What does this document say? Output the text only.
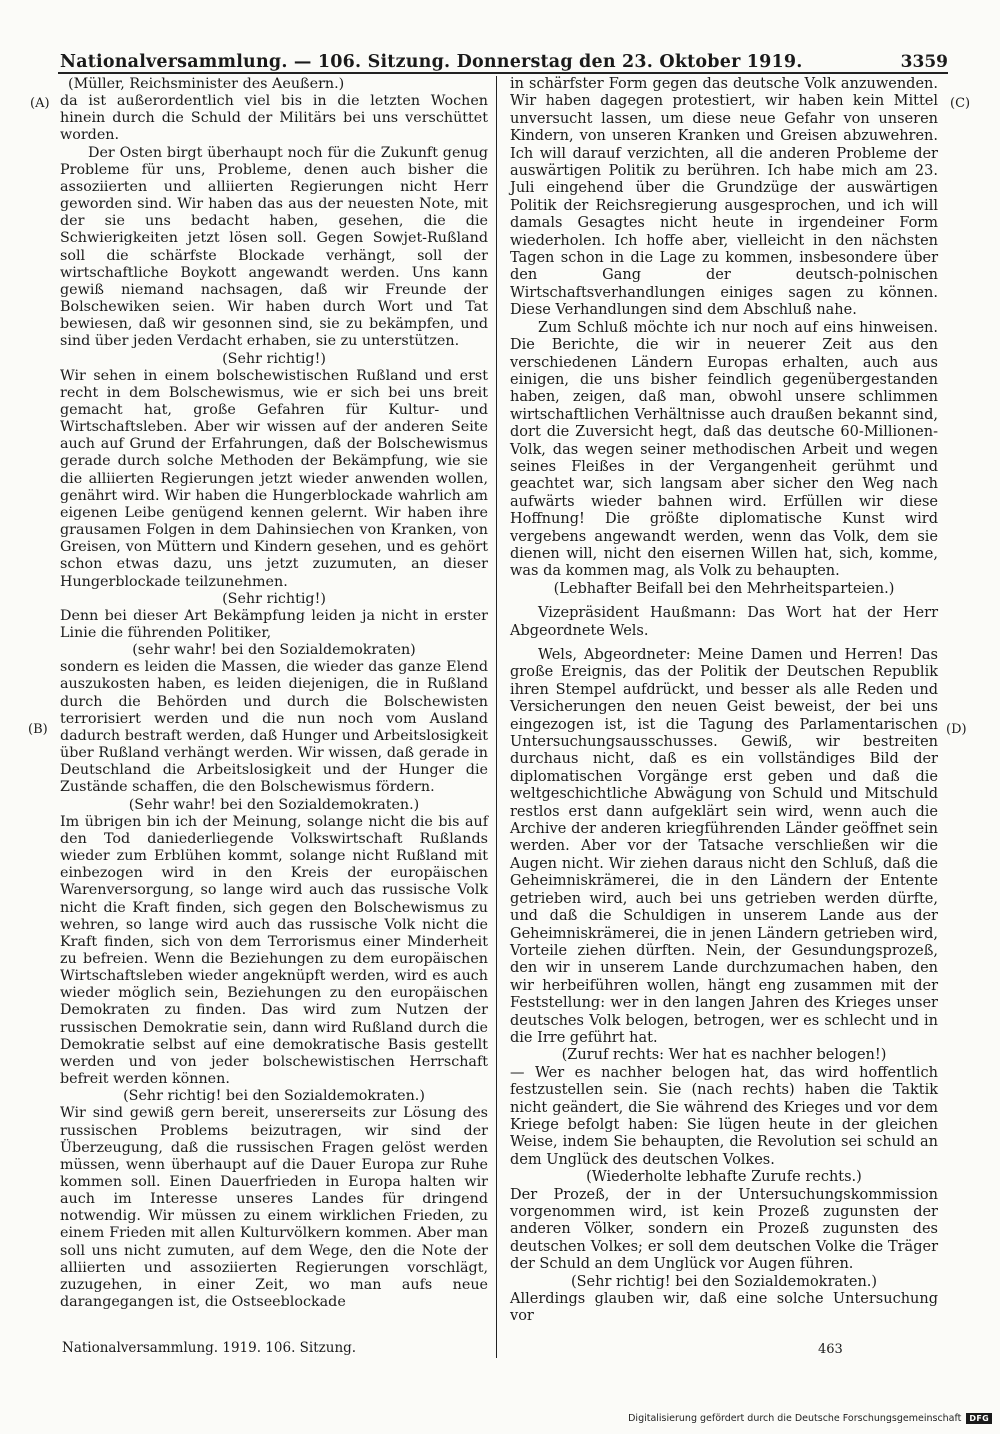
Nationalversammlung. — 106. Sitzung. Donnerstag den 23. Oktober 1919.	3359
(A)
(B)
(C)
(D)

(Müller, Reichsminister des Aeußern.)

da ist außerordentlich viel bis in die letzten Wochen hinein durch die Schuld der Militärs bei uns verschüttet worden.

Der Osten birgt überhaupt noch für die Zukunft genug Probleme für uns, Probleme, denen auch bisher die assoziierten und alliierten Regierungen nicht Herr geworden sind. Wir haben das aus der neuesten Note, mit der sie uns bedacht haben, gesehen, die die Schwierigkeiten jetzt lösen soll. Gegen Sowjet-Rußland soll die schärfste Blockade verhängt, soll der wirtschaftliche Boykott angewandt werden. Uns kann gewiß niemand nachsagen, daß wir Freunde der Bolschewiken seien. Wir haben durch Wort und Tat bewiesen, daß wir gesonnen sind, sie zu bekämpfen, und sind über jeden Verdacht erhaben, sie zu unterstützen.

(Sehr richtig!)

Wir sehen in einem bolschewistischen Rußland und erst recht in dem Bolschewismus, wie er sich bei uns breit gemacht hat, große Gefahren für Kultur- und Wirtschaftsleben. Aber wir wissen auf der anderen Seite auch auf Grund der Erfahrungen, daß der Bolschewismus gerade durch solche Methoden der Bekämpfung, wie sie die alliierten Regierungen jetzt wieder anwenden wollen, genährt wird. Wir haben die Hungerblockade wahrlich am eigenen Leibe genügend kennen gelernt. Wir haben ihre grausamen Folgen in dem Dahinsiechen von Kranken, von Greisen, von Müttern und Kindern gesehen, und es gehört schon etwas dazu, uns jetzt zuzumuten, an dieser Hungerblockade teilzunehmen.

(Sehr richtig!)

Denn bei dieser Art Bekämpfung leiden ja nicht in erster Linie die führenden Politiker,

(sehr wahr! bei den Sozialdemokraten)

sondern es leiden die Massen, die wieder das ganze Elend auszukosten haben, es leiden diejenigen, die in Rußland durch die Behörden und durch die Bolschewisten terrorisiert werden und die nun noch vom Ausland dadurch bestraft werden, daß Hunger und Arbeitslosigkeit über Rußland verhängt werden. Wir wissen, daß gerade in Deutschland die Arbeitslosigkeit und der Hunger die Zustände schaffen, die den Bolschewismus fördern.

(Sehr wahr! bei den Sozialdemokraten.)

Im übrigen bin ich der Meinung, solange nicht die bis auf den Tod daniederliegende Volkswirtschaft Rußlands wieder zum Erblühen kommt, solange nicht Rußland mit einbezogen wird in den Kreis der europäischen Warenversorgung, so lange wird auch das russische Volk nicht die Kraft finden, sich gegen den Bolschewismus zu wehren, so lange wird auch das russische Volk nicht die Kraft finden, sich von dem Terrorismus einer Minderheit zu befreien. Wenn die Beziehungen zu dem europäischen Wirtschaftsleben wieder angeknüpft werden, wird es auch wieder möglich sein, Beziehungen zu den europäischen Demokraten zu finden. Das wird zum Nutzen der russischen Demokratie sein, dann wird Rußland durch die Demokratie selbst auf eine demokratische Basis gestellt werden und von jeder bolschewistischen Herrschaft befreit werden können.

(Sehr richtig! bei den Sozialdemokraten.)

Wir sind gewiß gern bereit, unsererseits zur Lösung des russischen Problems beizutragen, wir sind der Überzeugung, daß die russischen Fragen gelöst werden müssen, wenn überhaupt auf die Dauer Europa zur Ruhe kommen soll. Einen Dauerfrieden in Europa halten wir auch im Interesse unseres Landes für dringend notwendig. Wir müssen zu einem wirklichen Frieden, zu einem Frieden mit allen Kulturvölkern kommen. Aber man soll uns nicht zumuten, auf dem Wege, den die Note der alliierten und assoziierten Regierungen vorschlägt, zuzugehen, in einer Zeit, wo man aufs neue darangegangen ist, die Ostseeblockade

in schärfster Form gegen das deutsche Volk anzuwenden. Wir haben dagegen protestiert, wir haben kein Mittel unversucht lassen, um diese neue Gefahr von unseren Kindern, von unseren Kranken und Greisen abzuwehren. Ich will darauf verzichten, all die anderen Probleme der auswärtigen Politik zu berühren. Ich habe mich am 23. Juli eingehend über die Grundzüge der auswärtigen Politik der Reichsregierung ausgesprochen, und ich will damals Gesagtes nicht heute in irgendeiner Form wiederholen. Ich hoffe aber, vielleicht in den nächsten Tagen schon in die Lage zu kommen, insbesondere über den Gang der deutsch-polnischen Wirtschaftsverhandlungen einiges sagen zu können. Diese Verhandlungen sind dem Abschluß nahe.

Zum Schluß möchte ich nur noch auf eins hinweisen. Die Berichte, die wir in neuerer Zeit aus den verschiedenen Ländern Europas erhalten, auch aus einigen, die uns bisher feindlich gegenübergestanden haben, zeigen, daß man, obwohl unsere schlimmen wirtschaftlichen Verhältnisse auch draußen bekannt sind, dort die Zuversicht hegt, daß das deutsche 60-Millionen-Volk, das wegen seiner methodischen Arbeit und wegen seines Fleißes in der Vergangenheit gerühmt und geachtet war, sich langsam aber sicher den Weg nach aufwärts wieder bahnen wird. Erfüllen wir diese Hoffnung! Die größte diplomatische Kunst wird vergebens angewandt werden, wenn das Volk, dem sie dienen will, nicht den eisernen Willen hat, sich, komme, was da kommen mag, als Volk zu behaupten.

(Lebhafter Beifall bei den Mehrheitsparteien.)

Vizepräsident Haußmann: Das Wort hat der Herr Abgeordnete Wels.

Wels, Abgeordneter: Meine Damen und Herren! Das große Ereignis, das der Politik der Deutschen Republik ihren Stempel aufdrückt, und besser als alle Reden und Versicherungen den neuen Geist beweist, der bei uns eingezogen ist, ist die Tagung des Parlamentarischen Untersuchungsausschusses. Gewiß, wir bestreiten durchaus nicht, daß es ein vollständiges Bild der diplomatischen Vorgänge erst geben und daß die weltgeschichtliche Abwägung von Schuld und Mitschuld restlos erst dann aufgeklärt sein wird, wenn auch die Archive der anderen kriegführenden Länder geöffnet sein werden. Aber vor der Tatsache verschließen wir die Augen nicht. Wir ziehen daraus nicht den Schluß, daß die Geheimniskrämerei, die in den Ländern der Entente getrieben wird, auch bei uns getrieben werden dürfte, und daß die Schuldigen in unserem Lande aus der Geheimniskrämerei, die in jenen Ländern getrieben wird, Vorteile ziehen dürften. Nein, der Gesundungsprozeß, den wir in unserem Lande durchzumachen haben, den wir herbeiführen wollen, hängt eng zusammen mit der Feststellung: wer in den langen Jahren des Krieges unser deutsches Volk belogen, betrogen, wer es schlecht und in die Irre geführt hat.

(Zuruf rechts: Wer hat es nachher belogen!)

— Wer es nachher belogen hat, das wird hoffentlich festzustellen sein. Sie (nach rechts) haben die Taktik nicht geändert, die Sie während des Krieges und vor dem Kriege befolgt haben: Sie lügen heute in der gleichen Weise, indem Sie behaupten, die Revolution sei schuld an dem Unglück des deutschen Volkes.

(Wiederholte lebhafte Zurufe rechts.)

Der Prozeß, der in der Untersuchungskommission vorgenommen wird, ist kein Prozeß zugunsten der anderen Völker, sondern ein Prozeß zugunsten des deutschen Volkes; er soll dem deutschen Volke die Träger der Schuld an dem Unglück vor Augen führen.

(Sehr richtig! bei den Sozialdemokraten.)

Allerdings glauben wir, daß eine solche Untersuchung vor

Nationalversammlung. 1919. 106. Sitzung.	463
Digitalisierung gefördert durch die Deutsche Forschungsgemeinschaft	DFG
